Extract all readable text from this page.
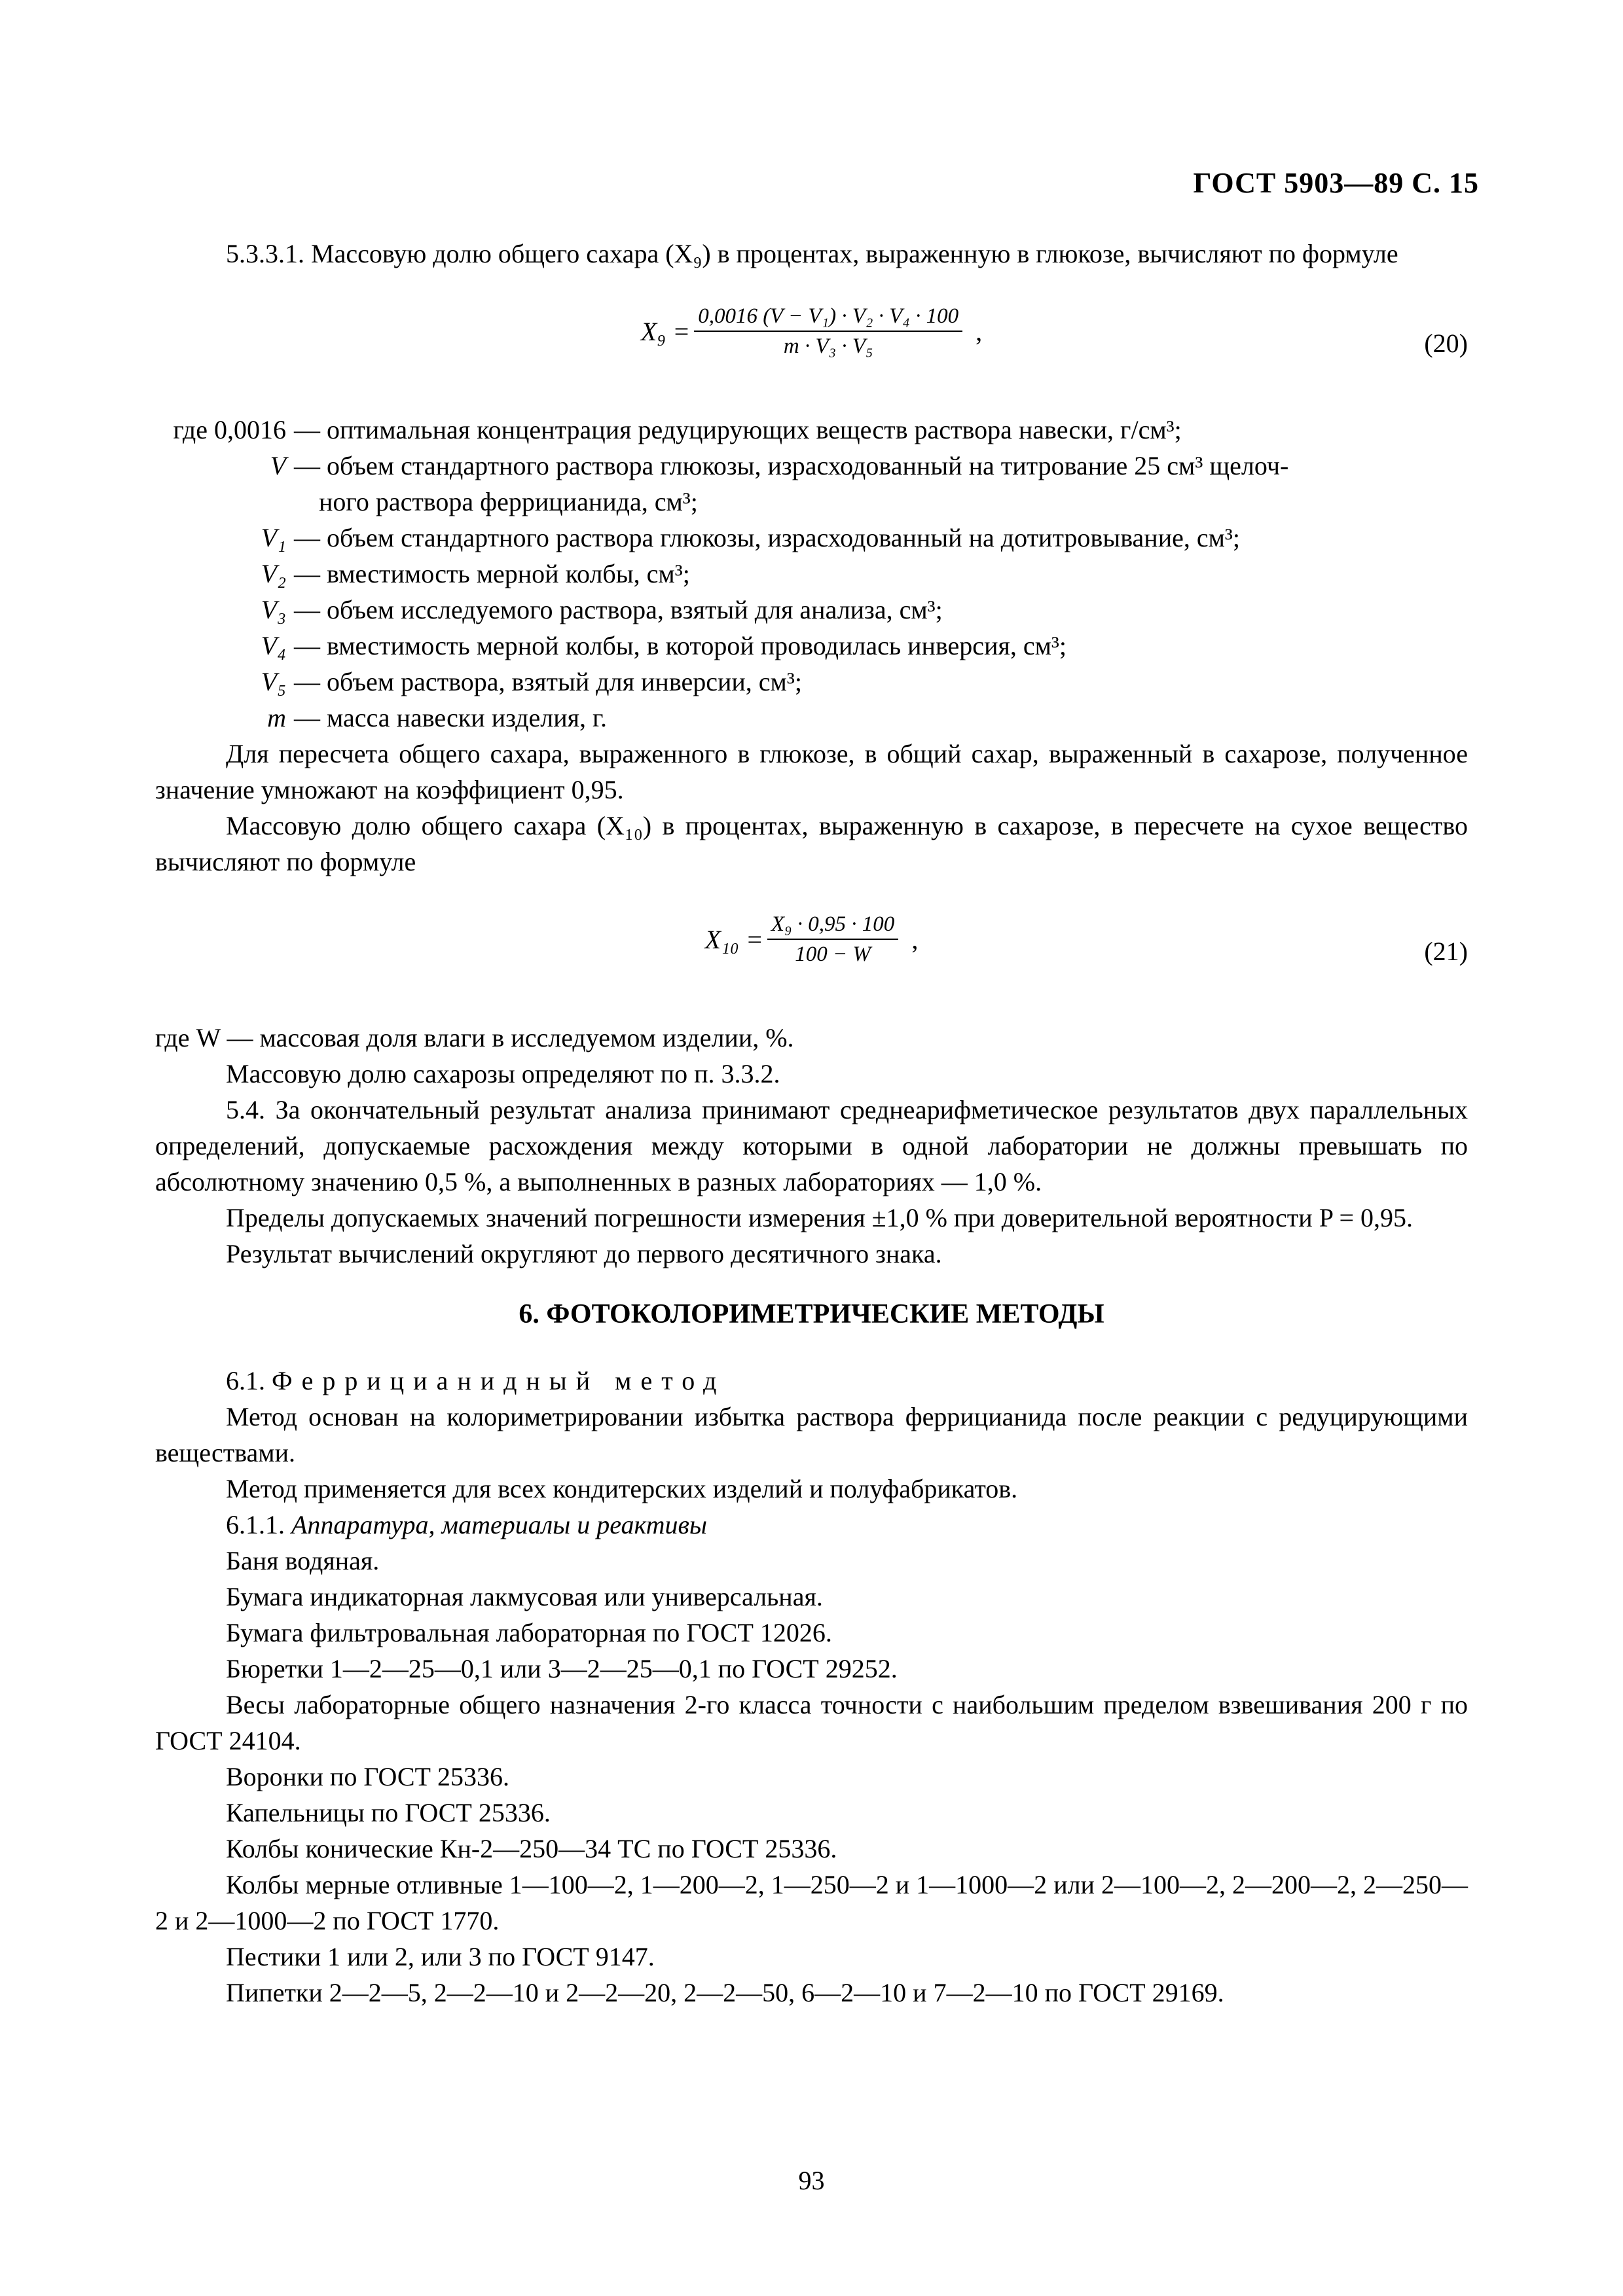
ГОСТ 5903—89 С. 15

5.3.3.1. Массовую долю общего сахара (X₉) в процентах, выраженную в глюкозе, вычисляют по формуле

$X_9 = \frac{\text{0,0016 (V − V₁) · V₂ · V₄ · 100}}{\text{m · V₃ · V₅}}$ ,	(20)
где 0,0016 — оптимальная концентрация редуцирующих веществ раствора навески, г/см³;
V — объем стандартного раствора глюкозы, израсходованный на титрование 25 см³ щелоч-
ного раствора феррицианида, см³;
V₁ — объем стандартного раствора глюкозы, израсходованный на дотитровывание, см³;
V₂ — вместимость мерной колбы, см³;
V₃ — объем исследуемого раствора, взятый для анализа, см³;
V₄ — вместимость мерной колбы, в которой проводилась инверсия, см³;
V₅ — объем раствора, взятый для инверсии, см³;
m — масса навески изделия, г.

Для пересчета общего сахара, выраженного в глюкозе, в общий сахар, выраженный в сахарозе, полученное значение умножают на коэффициент 0,95.

Массовую долю общего сахара (X₁₀) в процентах, выраженную в сахарозе, в пересчете на сухое вещество вычисляют по формуле

$X_{10} = \frac{\text{X₉ · 0,95 · 100}}{100 - W}$ ,	(21)

где W — массовая доля влаги в исследуемом изделии, %.

Массовую долю сахарозы определяют по п. 3.3.2.

5.4. За окончательный результат анализа принимают среднеарифметическое результатов двух параллельных определений, допускаемые расхождения между которыми в одной лаборатории не должны превышать по абсолютному значению 0,5 %, а выполненных в разных лабораториях — 1,0 %.

Пределы допускаемых значений погрешности измерения ±1,0 % при доверительной вероятности P = 0,95.

Результат вычислений округляют до первого десятичного знака.

6. ФОТОКОЛОРИМЕТРИЧЕСКИЕ МЕТОДЫ

6.1. Феррицианидный метод

Метод основан на колориметрировании избытка раствора феррицианида после реакции с редуцирующими веществами.

Метод применяется для всех кондитерских изделий и полуфабрикатов.

6.1.1. Аппаратура, материалы и реактивы

Баня водяная.

Бумага индикаторная лакмусовая или универсальная.

Бумага фильтровальная лабораторная по ГОСТ 12026.

Бюретки 1—2—25—0,1 или 3—2—25—0,1 по ГОСТ 29252.

Весы лабораторные общего назначения 2-го класса точности с наибольшим пределом взвешивания 200 г по ГОСТ 24104.

Воронки по ГОСТ 25336.

Капельницы по ГОСТ 25336.

Колбы конические Кн-2—250—34 ТС по ГОСТ 25336.

Колбы мерные отливные 1—100—2, 1—200—2, 1—250—2 и 1—1000—2 или 2—100—2, 2—200—2, 2—250—2 и 2—1000—2 по ГОСТ 1770.

Пестики 1 или 2, или 3 по ГОСТ 9147.

Пипетки 2—2—5, 2—2—10 и 2—2—20, 2—2—50, 6—2—10 и 7—2—10 по ГОСТ 29169.

93
